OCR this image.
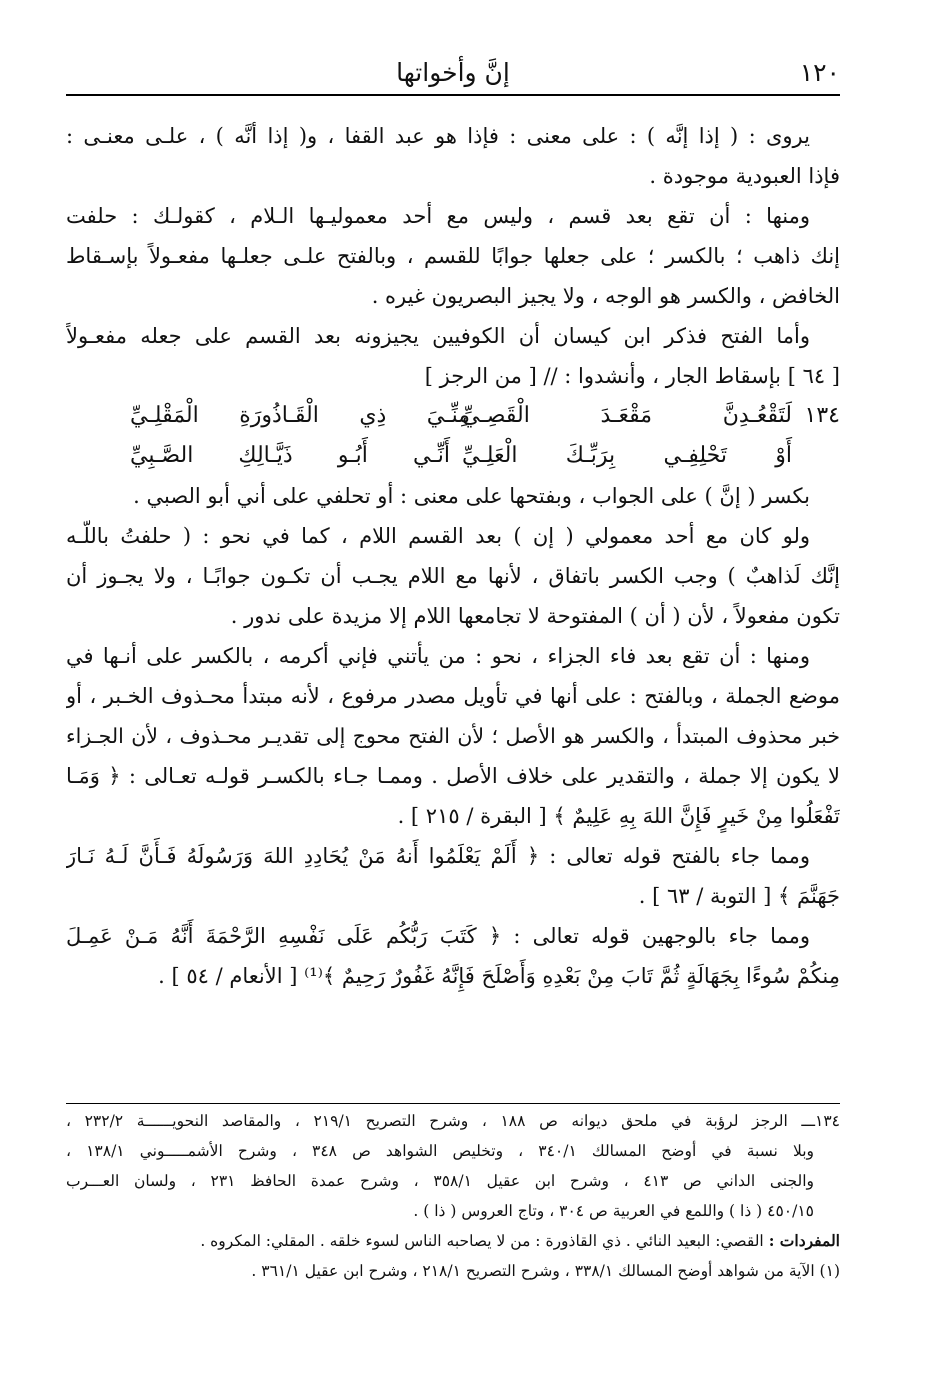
١٢٠
إنَّ وأخواتها
يروى : ( إذا إنَّه ) : على معنى : فإذا هو عبد القفا ، و( إذا أنَّه ) ، علـى معنـى :
فإذا العبودية موجودة .
ومنها : أن تقع بعد قسم ، وليس مع أحد معموليـها الـلام ، كقولـك : حلفت
إنك ذاهب ؛ بالكسر ؛ على جعلها جوابًا للقسم ، وبالفتح علـى جعلـها مفعـولاً بإسـقاط
الخافض ، والكسر هو الوجه ، ولا يجيز البصريون غيره .
وأما الفتح فذكر ابن كيسان أن الكوفيين يجيزونه بعد القسم على جعله مفعـولاً
[ ٦٤ ] بإسقاط الجار ، وأنشدوا : // [ من الرجز ]
١٣٤
لَتَقْعُـدِنَّ مَقْعَـدَ الْقَصِـيِّ
مِنِّـيَ ذِي الْقَـاذُورَةِ الْمَقْلِـيِّ
أَوْ تَحْلِفِـي بِرَبِّـكَ الْعَلِـيِّ
أَنِّـي أَبُـو ذَيَّـالِكِ الصَّـبِيِّ
بكسر ( إنَّ ) على الجواب ، وبفتحها على معنى : أو تحلفي على أني أبو الصبي .
ولو كان مع أحد معمولي ( إن ) بعد القسم اللام ، كما في نحو : ( حلفتُ باللّـه
إنَّك لَذاهبٌ ) وجب الكسر باتفاق ، لأنها مع اللام يجـب أن تكـون جوابًـا ، ولا يجـوز أن
تكون مفعولاً ، لأن ( أن ) المفتوحة لا تجامعها اللام إلا مزيدة على ندور .
ومنها : أن تقع بعد فاء الجزاء ، نحو : من يأتني فإني أكرمه ، بالكسر على أنـها في
موضع الجملة ، وبالفتح : على أنها في تأويل مصدر مرفوع ، لأنه مبتدأ محـذوف الخـبر ، أو
خبر محذوف المبتدأ ، والكسر هو الأصل ؛ لأن الفتح محوج إلى تقديـر محـذوف ، لأن الجـزاء
لا يكون إلا جملة ، والتقدير على خلاف الأصل . وممـا جـاء بالكسـر قولـه تعـالى : ﴿ وَمَـا
تَفْعَلُوا مِنْ خَيرٍ فَإِنَّ اللهَ بِهِ عَلِيمٌ ﴾ [ البقرة / ٢١٥ ] .
ومما جاء بالفتح قوله تعالى : ﴿ أَلَمْ يَعْلَمُوا أَنهُ مَنْ يُحَادِدِ اللهَ وَرَسُولَهُ فَـأَنَّ لَـهُ نَـارَ
جَهَنَّمَ ﴾ [ التوبة / ٦٣ ] .
ومما جاء بالوجهين قوله تعالى : ﴿ كَتَبَ رَبُّكُم عَلَى نَفْسِهِ الرَّحْمَةَ أَنَّهُ مَـنْ عَمِـلَ
مِنكُمْ سُوءًا بِجَهَالَةٍ ثُمَّ تَابَ مِنْ بَعْدِهِ وَأَصْلَحَ فَإِنَّهُ غَفُورٌ رَحِيمٌ ﴾⁽¹⁾ [ الأنعام / ٥٤ ] .
١٣٤ـــ الرجز لرؤبة في ملحق ديوانه ص ١٨٨ ، وشرح التصريح ٢١٩/١ ، والمقاصد النحويــــــة ٢٣٢/٢ ،
وبلا نسبة في أوضح المسالك ٣٤٠/١ ، وتخليص الشواهد ص ٣٤٨ ، وشرح الأشمـــــوني ١٣٨/١ ،
والجنى الداني ص ٤١٣ ، وشرح ابن عقيل ٣٥٨/١ ، وشرح عمدة الحافظ ٢٣١ ، ولسان العـــرب
٤٥٠/١٥ ( ذا ) واللمع في العربية ص ٣٠٤ ، وتاج العروس ( ذا ) .
المفردات : القصي: البعيد النائي . ذي القاذورة : من لا يصاحبه الناس لسوء خلقه . المقلي: المكروه .
(١) الآية من شواهد أوضح المسالك ٣٣٨/١ ، وشرح التصريح ٢١٨/١ ، وشرح ابن عقيل ٣٦١/١ .
